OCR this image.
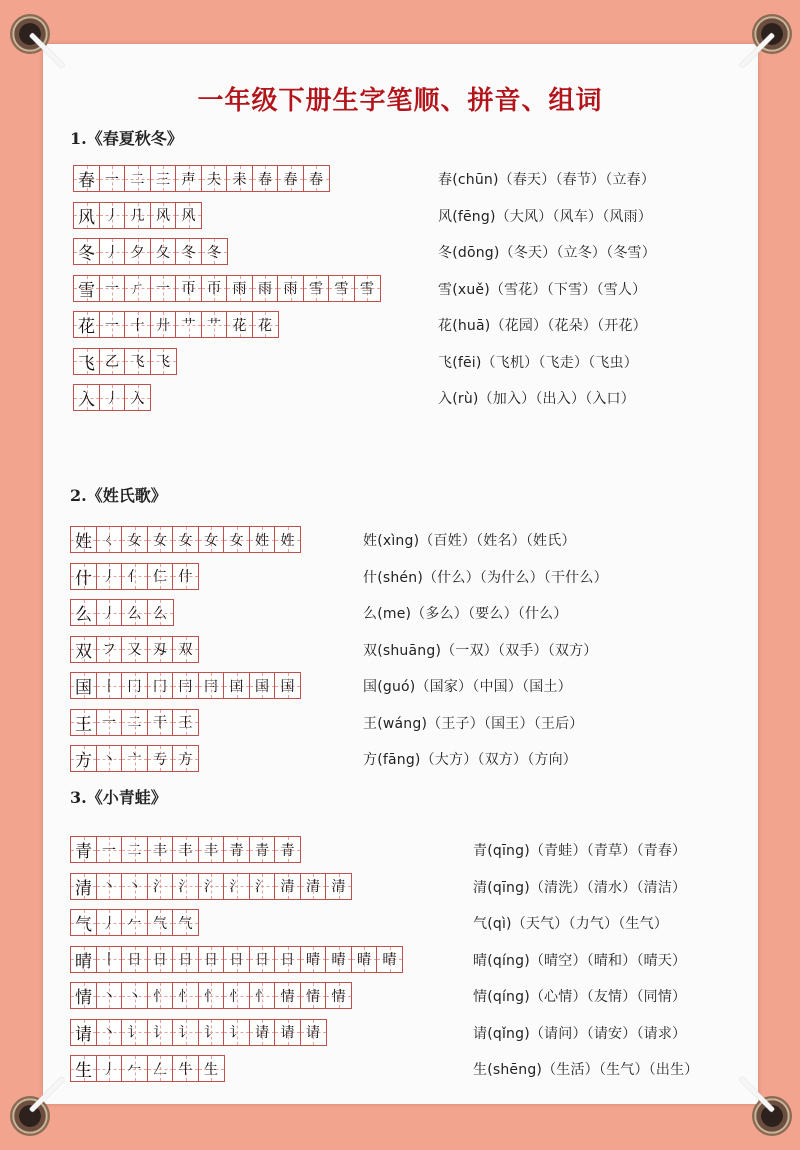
一年级下册生字笔顺、拼音、组词
1.《春夏秋冬》
春 一 二 三 声 夫 耒 春 春 春	春(chūn)（春天）（春节）（立春）
风 丿 几 风 风	风(fēng)（大风）（风车）（风雨）
冬 丿 夕 夂 冬 冬	冬(dōng)（冬天）（立冬）（冬雪）
雪 一 ㄏ 一 帀 帀 雨 雨 雨 雪 雪 雪	雪(xuě)（雪花）（下雪）（雪人）
花 一 十 廾 艹 艹 花 花	花(huā)（花园）（花朵）（开花）
飞 乙 飞 飞	飞(fēi)（飞机）（飞走）（飞虫）
入 丿 入	入(rù)（加入）（出入）（入口）
2.《姓氏歌》
姓 ㄑ 女 女 女 女 女 姓 姓	姓(xìng)（百姓）（姓名）（姓氏）
什 丿 亻 仁 什	什(shén)（什么）（为什么）（干什么）
么 丿 么 么	么(me)（多么）（要么）（什么）
双 フ 又 刄 双	双(shuāng)（一双）（双手）（双方）
国 丨 冂 冂 冃 冃 囯 国 国	国(guó)（国家）（中国）（国土）
王 一 二 干 王	王(wáng)（王子）（国王）（王后）
方 丶 亠 亐 方	方(fāng)（大方）（双方）（方向）
3.《小青蛙》
青 一 二 丰 丰 丰 青 青 青	青(qīng)（青蛙）（青草）（青春）
清 丶 丶 氵 氵 氵 氵 氵 清 清 清	清(qīng)（清洗）（清水）（清洁）
气 丿 𠂉 气 气	气(qì)（天气）（力气）（生气）
晴 丨 日 日 日 日 日 日 日 晴 晴 晴 晴	晴(qíng)（晴空）（晴和）（晴天）
情 丶 丶 忄 忄 忄 忄 忄 情 情 情	情(qíng)（心情）（友情）（同情）
请 丶 讠 讠 讠 讠 讠 请 请 请	请(qǐng)（请问）（请安）（请求）
生 丿 𠂉 𠃋 牛 生	生(shēng)（生活）（生气）（出生）
